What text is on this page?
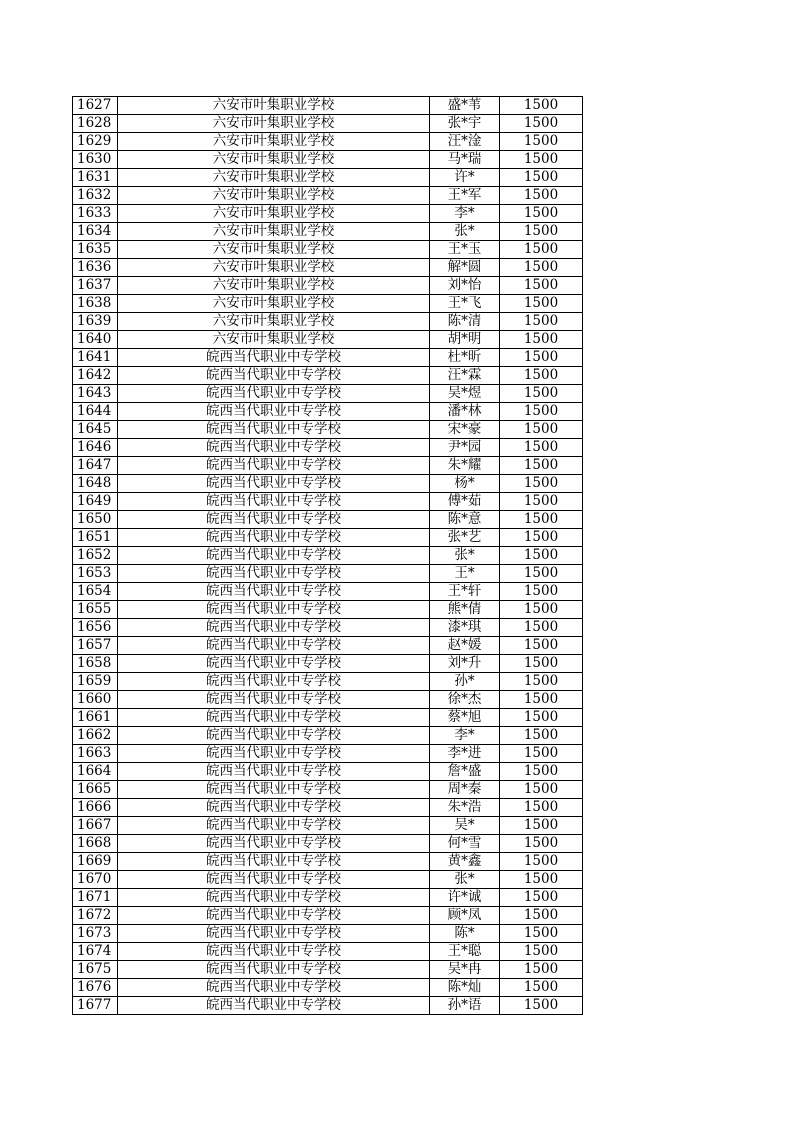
1627	六安市叶集职业学校	盛*苇	1500
1628	六安市叶集职业学校	张*宇	1500
1629	六安市叶集职业学校	汪*淦	1500
1630	六安市叶集职业学校	马*瑞	1500
1631	六安市叶集职业学校	许*	1500
1632	六安市叶集职业学校	王*军	1500
1633	六安市叶集职业学校	李*	1500
1634	六安市叶集职业学校	张*	1500
1635	六安市叶集职业学校	王*玉	1500
1636	六安市叶集职业学校	解*圆	1500
1637	六安市叶集职业学校	刘*怡	1500
1638	六安市叶集职业学校	王*飞	1500
1639	六安市叶集职业学校	陈*清	1500
1640	六安市叶集职业学校	胡*明	1500
1641	皖西当代职业中专学校	杜*昕	1500
1642	皖西当代职业中专学校	汪*霖	1500
1643	皖西当代职业中专学校	吴*煜	1500
1644	皖西当代职业中专学校	潘*林	1500
1645	皖西当代职业中专学校	宋*豪	1500
1646	皖西当代职业中专学校	尹*园	1500
1647	皖西当代职业中专学校	朱*耀	1500
1648	皖西当代职业中专学校	杨*	1500
1649	皖西当代职业中专学校	傅*茹	1500
1650	皖西当代职业中专学校	陈*意	1500
1651	皖西当代职业中专学校	张*艺	1500
1652	皖西当代职业中专学校	张*	1500
1653	皖西当代职业中专学校	王*	1500
1654	皖西当代职业中专学校	王*轩	1500
1655	皖西当代职业中专学校	熊*倩	1500
1656	皖西当代职业中专学校	漆*琪	1500
1657	皖西当代职业中专学校	赵*媛	1500
1658	皖西当代职业中专学校	刘*升	1500
1659	皖西当代职业中专学校	孙*	1500
1660	皖西当代职业中专学校	徐*杰	1500
1661	皖西当代职业中专学校	蔡*旭	1500
1662	皖西当代职业中专学校	李*	1500
1663	皖西当代职业中专学校	李*进	1500
1664	皖西当代职业中专学校	詹*盛	1500
1665	皖西当代职业中专学校	周*秦	1500
1666	皖西当代职业中专学校	朱*浩	1500
1667	皖西当代职业中专学校	吴*	1500
1668	皖西当代职业中专学校	何*雪	1500
1669	皖西当代职业中专学校	黄*鑫	1500
1670	皖西当代职业中专学校	张*	1500
1671	皖西当代职业中专学校	许*诚	1500
1672	皖西当代职业中专学校	顾*凤	1500
1673	皖西当代职业中专学校	陈*	1500
1674	皖西当代职业中专学校	王*聪	1500
1675	皖西当代职业中专学校	吴*冉	1500
1676	皖西当代职业中专学校	陈*灿	1500
1677	皖西当代职业中专学校	孙*语	1500
